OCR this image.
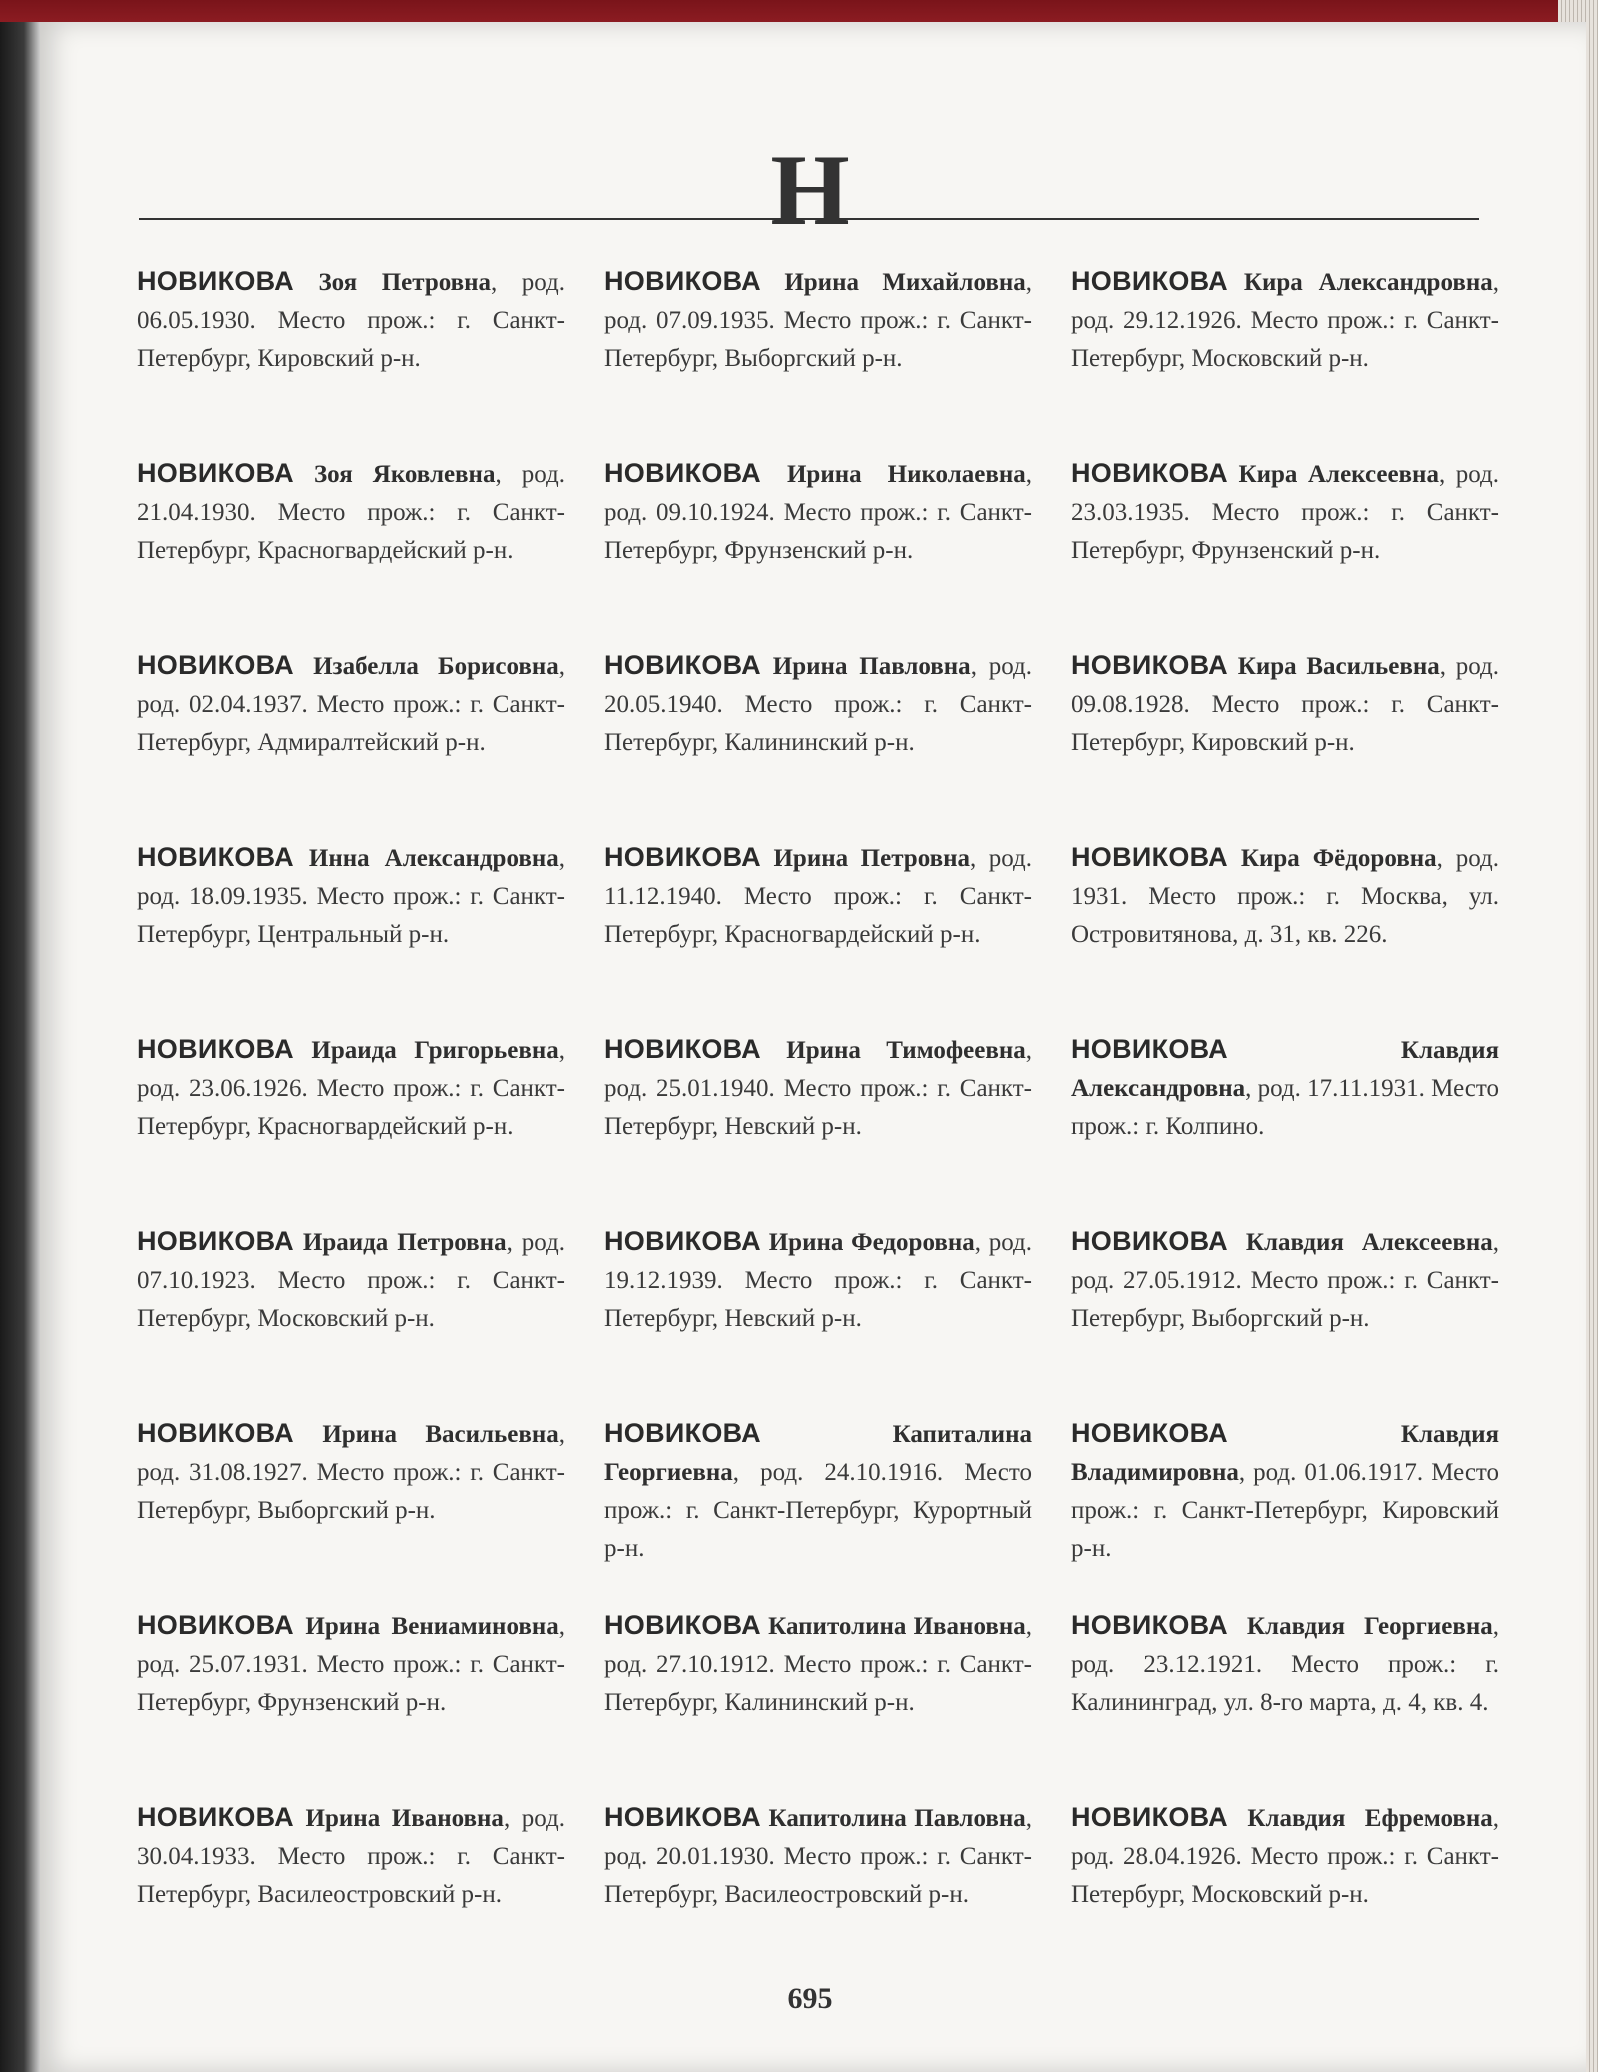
Н

НОВИКОВА Зоя Петровна, род. 06.05.1930. Место прож.: г. Санкт-Петербург, Кировский р-н.

НОВИКОВА Зоя Яковлевна, род. 21.04.1930. Место прож.: г. Санкт-Петербург, Красногвардейский р-н.

НОВИКОВА Изабелла Борисовна, род. 02.04.1937. Место прож.: г. Санкт-Петербург, Адмиралтейский р-н.

НОВИКОВА Инна Александровна, род. 18.09.1935. Место прож.: г. Санкт-Петербург, Центральный р-н.

НОВИКОВА Ираида Григорьевна, род. 23.06.1926. Место прож.: г. Санкт-Петербург, Красногвардейский р-н.

НОВИКОВА Ираида Петровна, род. 07.10.1923. Место прож.: г. Санкт-Петербург, Московский р-н.

НОВИКОВА Ирина Васильевна, род. 31.08.1927. Место прож.: г. Санкт-Петербург, Выборгский р-н.

НОВИКОВА Ирина Вениаминовна, род. 25.07.1931. Место прож.: г. Санкт-Петербург, Фрунзенский р-н.

НОВИКОВА Ирина Ивановна, род. 30.04.1933. Место прож.: г. Санкт-Петербург, Василеостровский р-н.

НОВИКОВА Ирина Михайловна, род. 07.09.1935. Место прож.: г. Санкт-Петербург, Выборгский р-н.

НОВИКОВА Ирина Николаевна, род. 09.10.1924. Место прож.: г. Санкт-Петербург, Фрунзенский р-н.

НОВИКОВА Ирина Павловна, род. 20.05.1940. Место прож.: г. Санкт-Петербург, Калининский р-н.

НОВИКОВА Ирина Петровна, род. 11.12.1940. Место прож.: г. Санкт-Петербург, Красногвардейский р-н.

НОВИКОВА Ирина Тимофеевна, род. 25.01.1940. Место прож.: г. Санкт-Петербург, Невский р-н.

НОВИКОВА Ирина Федоровна, род. 19.12.1939. Место прож.: г. Санкт-Петербург, Невский р-н.

НОВИКОВА	Капиталина Георгиевна, род. 24.10.1916. Место прож.: г. Санкт-Петербург, Курортный р-н.

НОВИКОВА Капитолина Ивановна, род. 27.10.1912. Место прож.: г. Санкт-Петербург, Калининский р-н.

НОВИКОВА Капитолина Павловна, род. 20.01.1930. Место прож.: г. Санкт-Петербург, Василеостровский р-н.

НОВИКОВА Кира Александровна, род. 29.12.1926. Место прож.: г. Санкт-Петербург, Московский р-н.

НОВИКОВА Кира Алексеевна, род. 23.03.1935. Место прож.: г. Санкт-Петербург, Фрунзенский р-н.

НОВИКОВА Кира Васильевна, род. 09.08.1928. Место прож.: г. Санкт-Петербург, Кировский р-н.

НОВИКОВА Кира Фёдоровна, род. 1931. Место прож.: г. Москва, ул. Островитянова, д. 31, кв. 226.

НОВИКОВА	Клавдия Александровна, род. 17.11.1931. Место прож.: г. Колпино.

НОВИКОВА Клавдия Алексеевна, род. 27.05.1912. Место прож.: г. Санкт-Петербург, Выборгский р-н.

НОВИКОВА	Клавдия Владимировна, род. 01.06.1917. Место прож.: г. Санкт-Петербург, Кировский р-н.

НОВИКОВА Клавдия Георгиевна, род. 23.12.1921. Место прож.: г. Калининград, ул. 8-го марта, д. 4, кв. 4.

НОВИКОВА Клавдия Ефремовна, род. 28.04.1926. Место прож.: г. Санкт-Петербург, Московский р-н.

695
